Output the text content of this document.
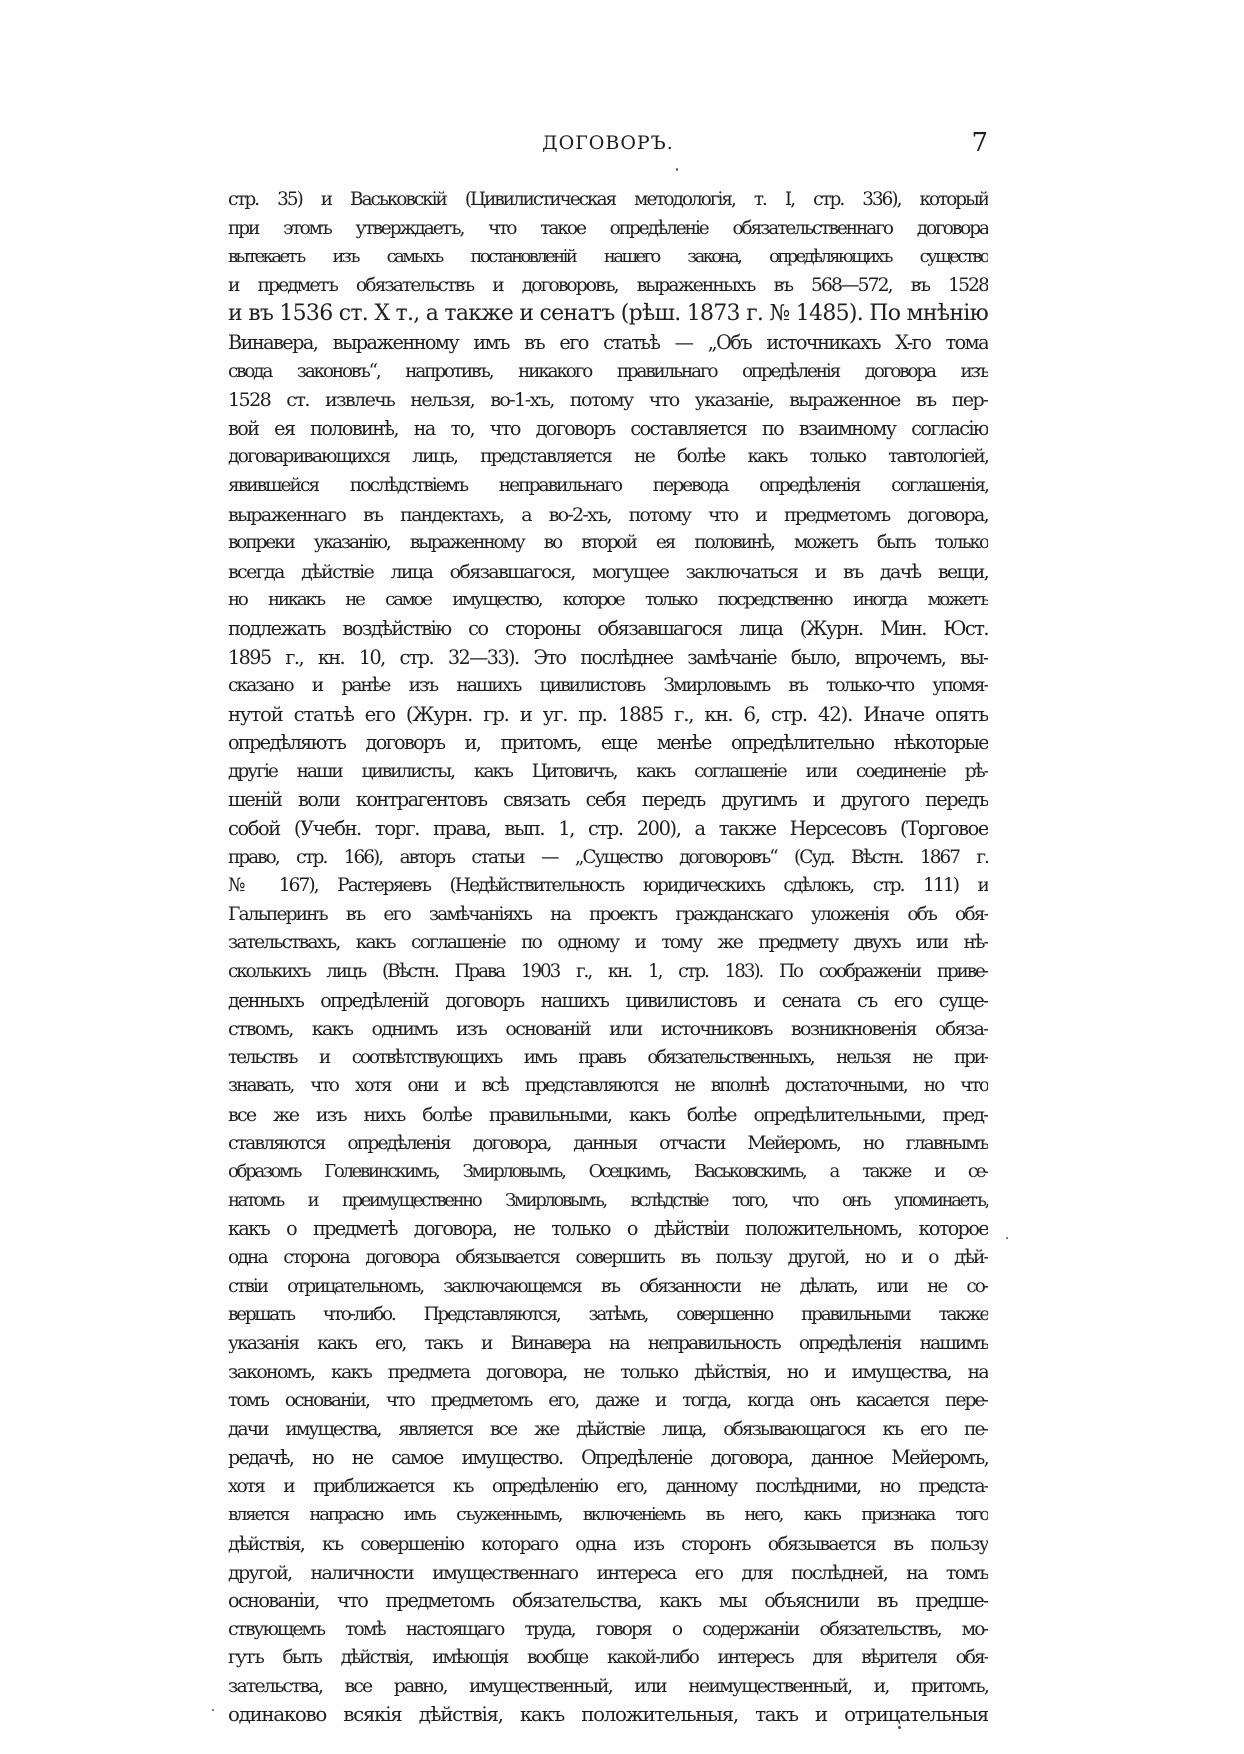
ДОГОВОРЪ.	7
стр. 35) и Васьковскій (Цивилистическая методологія, т. I, стр. 336), который
при этомъ утверждаетъ, что такое опредѣленіе обязательственнаго договора
вытекаетъ изъ самыхъ постановленій нашего закона, опредѣляющихъ существо
и предметъ обязательствъ и договоровъ, выраженныхъ въ 568—572, въ 1528
и въ 1536 ст. X т., а также и сенатъ (рѣш. 1873 г. № 1485). По мнѣнію
Винавера, выраженному имъ въ его статьѣ — „Объ источникахъ X-го тома
свода законовъ“, напротивъ, никакого правильнаго опредѣленія договора изъ
1528 ст. извлечь нельзя, во-1-хъ, потому что указаніе, выраженное въ пер-
вой ея половинѣ, на то, что договоръ составляется по взаимному согласію
договаривающихся лицъ, представляется не болѣе какъ только тавтологіей,
явившейся послѣдствіемъ неправильнаго перевода опредѣленія соглашенія,
выраженнаго въ пандектахъ, а во-2-хъ, потому что и предметомъ договора,
вопреки указанію, выраженному во второй ея половинѣ, можетъ быть только
всегда дѣйствіе лица обязавшагося, могущее заключаться и въ дачѣ вещи,
но никакъ не самое имущество, которое только посредственно иногда можетъ
подлежать воздѣйствію со стороны обязавшагося лица (Журн. Мин. Юст.
1895 г., кн. 10, стр. 32—33). Это послѣднее замѣчаніе было, впрочемъ, вы-
сказано и ранѣе изъ нашихъ цивилистовъ Змирловымъ въ только-что упомя-
нутой статьѣ его (Журн. гр. и уг. пр. 1885 г., кн. 6, стр. 42). Иначе опять
опредѣляютъ договоръ и, притомъ, еще менѣе опредѣлительно нѣкоторые
другіе наши цивилисты, какъ Цитовичъ, какъ соглашеніе или соединеніе рѣ-
шеній воли контрагентовъ связать себя передъ другимъ и другого передъ
собой (Учебн. торг. права, вып. 1, стр. 200), а также Нерсесовъ (Торговое
право, стр. 166), авторъ статьи — „Существо договоровъ“ (Суд. Вѣстн. 1867 г.
№ 167), Растеряевъ (Недѣйствительность юридическихъ сдѣлокъ, стр. 111) и
Гальперинъ въ его замѣчаніяхъ на проектъ гражданскаго уложенія объ обя-
зательствахъ, какъ соглашеніе по одному и тому же предмету двухъ или нѣ-
сколькихъ лицъ (Вѣстн. Права 1903 г., кн. 1, стр. 183). По соображеніи приве-
денныхъ опредѣленій договоръ нашихъ цивилистовъ и сената съ его суще-
ствомъ, какъ однимъ изъ основаній или источниковъ возникновенія обяза-
тельствъ и соотвѣтствующихъ имъ правъ обязательственныхъ, нельзя не при-
знавать, что хотя они и всѣ представляются не вполнѣ достаточными, но что
все же изъ нихъ болѣе правильными, какъ болѣе опредѣлительными, пред-
ставляются опредѣленія договора, данныя отчасти Мейеромъ, но главнымъ
образомъ Голевинскимъ, Змирловымъ, Осецкимъ, Васьковскимъ, а также и се-
натомъ и преимущественно Змирловымъ, вслѣдствіе того, что онъ упоминаетъ,
какъ о предметѣ договора, не только о дѣйствіи положительномъ, которое
одна сторона договора обязывается совершить въ пользу другой, но и о дѣй-
ствіи отрицательномъ, заключающемся въ обязанности не дѣлать, или не со-
вершать что-либо. Представляются, затѣмъ, совершенно правильными также
указанія какъ его, такъ и Винавера на неправильность опредѣленія нашимъ
закономъ, какъ предмета договора, не только дѣйствія, но и имущества, на
томъ основаніи, что предметомъ его, даже и тогда, когда онъ касается пере-
дачи имущества, является все же дѣйствіе лица, обязывающагося къ его пе-
редачѣ, но не самое имущество. Опредѣленіе договора, данное Мейеромъ,
хотя и приближается къ опредѣленію его, данному послѣдними, но предста-
вляется напрасно имъ съуженнымъ, включеніемъ въ него, какъ признака того
дѣйствія, къ совершенію котораго одна изъ сторонъ обязывается въ пользу
другой, наличности имущественнаго интереса его для послѣдней, на томъ
основаніи, что предметомъ обязательства, какъ мы объяснили въ предше-
ствующемъ томѣ настоящаго труда, говоря о содержаніи обязательствъ, мо-
гутъ быть дѣйствія, имѣющія вообще какой-либо интересъ для вѣрителя обя-
зательства, все равно, имущественный, или неимущественный, и, притомъ,
одинаково всякія дѣйствія, какъ положительныя, такъ и отрицательныя
